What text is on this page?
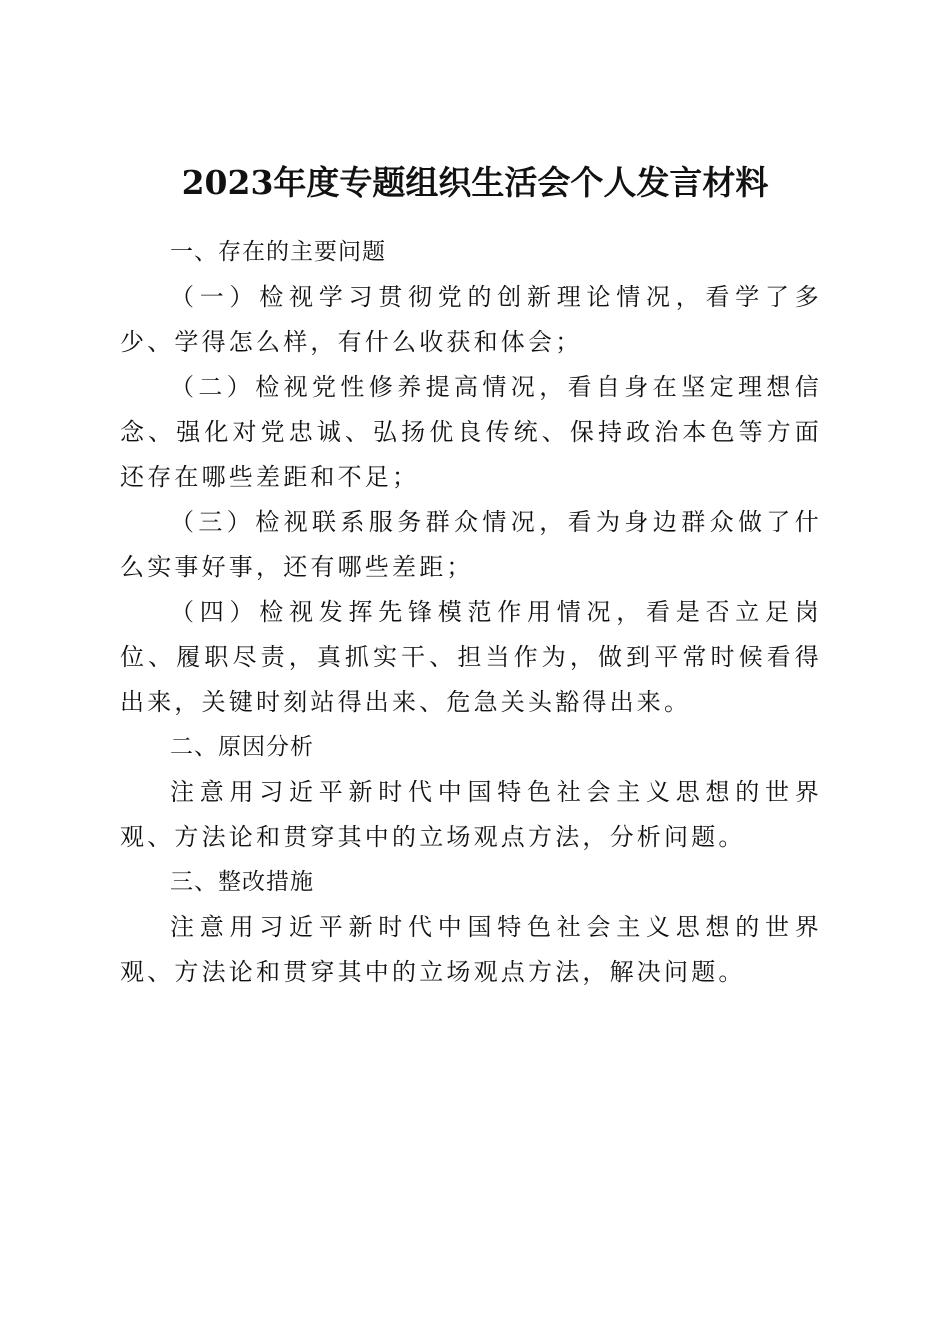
2023年度专题组织生活会个人发言材料

一、存在的主要问题

（一）检视学习贯彻党的创新理论情况，看学了多少、学得怎么样，有什么收获和体会；

（二）检视党性修养提高情况，看自身在坚定理想信念、强化对党忠诚、弘扬优良传统、保持政治本色等方面还存在哪些差距和不足；

（三）检视联系服务群众情况，看为身边群众做了什么实事好事，还有哪些差距；

（四）检视发挥先锋模范作用情况，看是否立足岗位、履职尽责，真抓实干、担当作为，做到平常时候看得出来，关键时刻站得出来、危急关头豁得出来。

二、原因分析

注意用习近平新时代中国特色社会主义思想的世界观、方法论和贯穿其中的立场观点方法，分析问题。

三、整改措施

注意用习近平新时代中国特色社会主义思想的世界观、方法论和贯穿其中的立场观点方法，解决问题。
